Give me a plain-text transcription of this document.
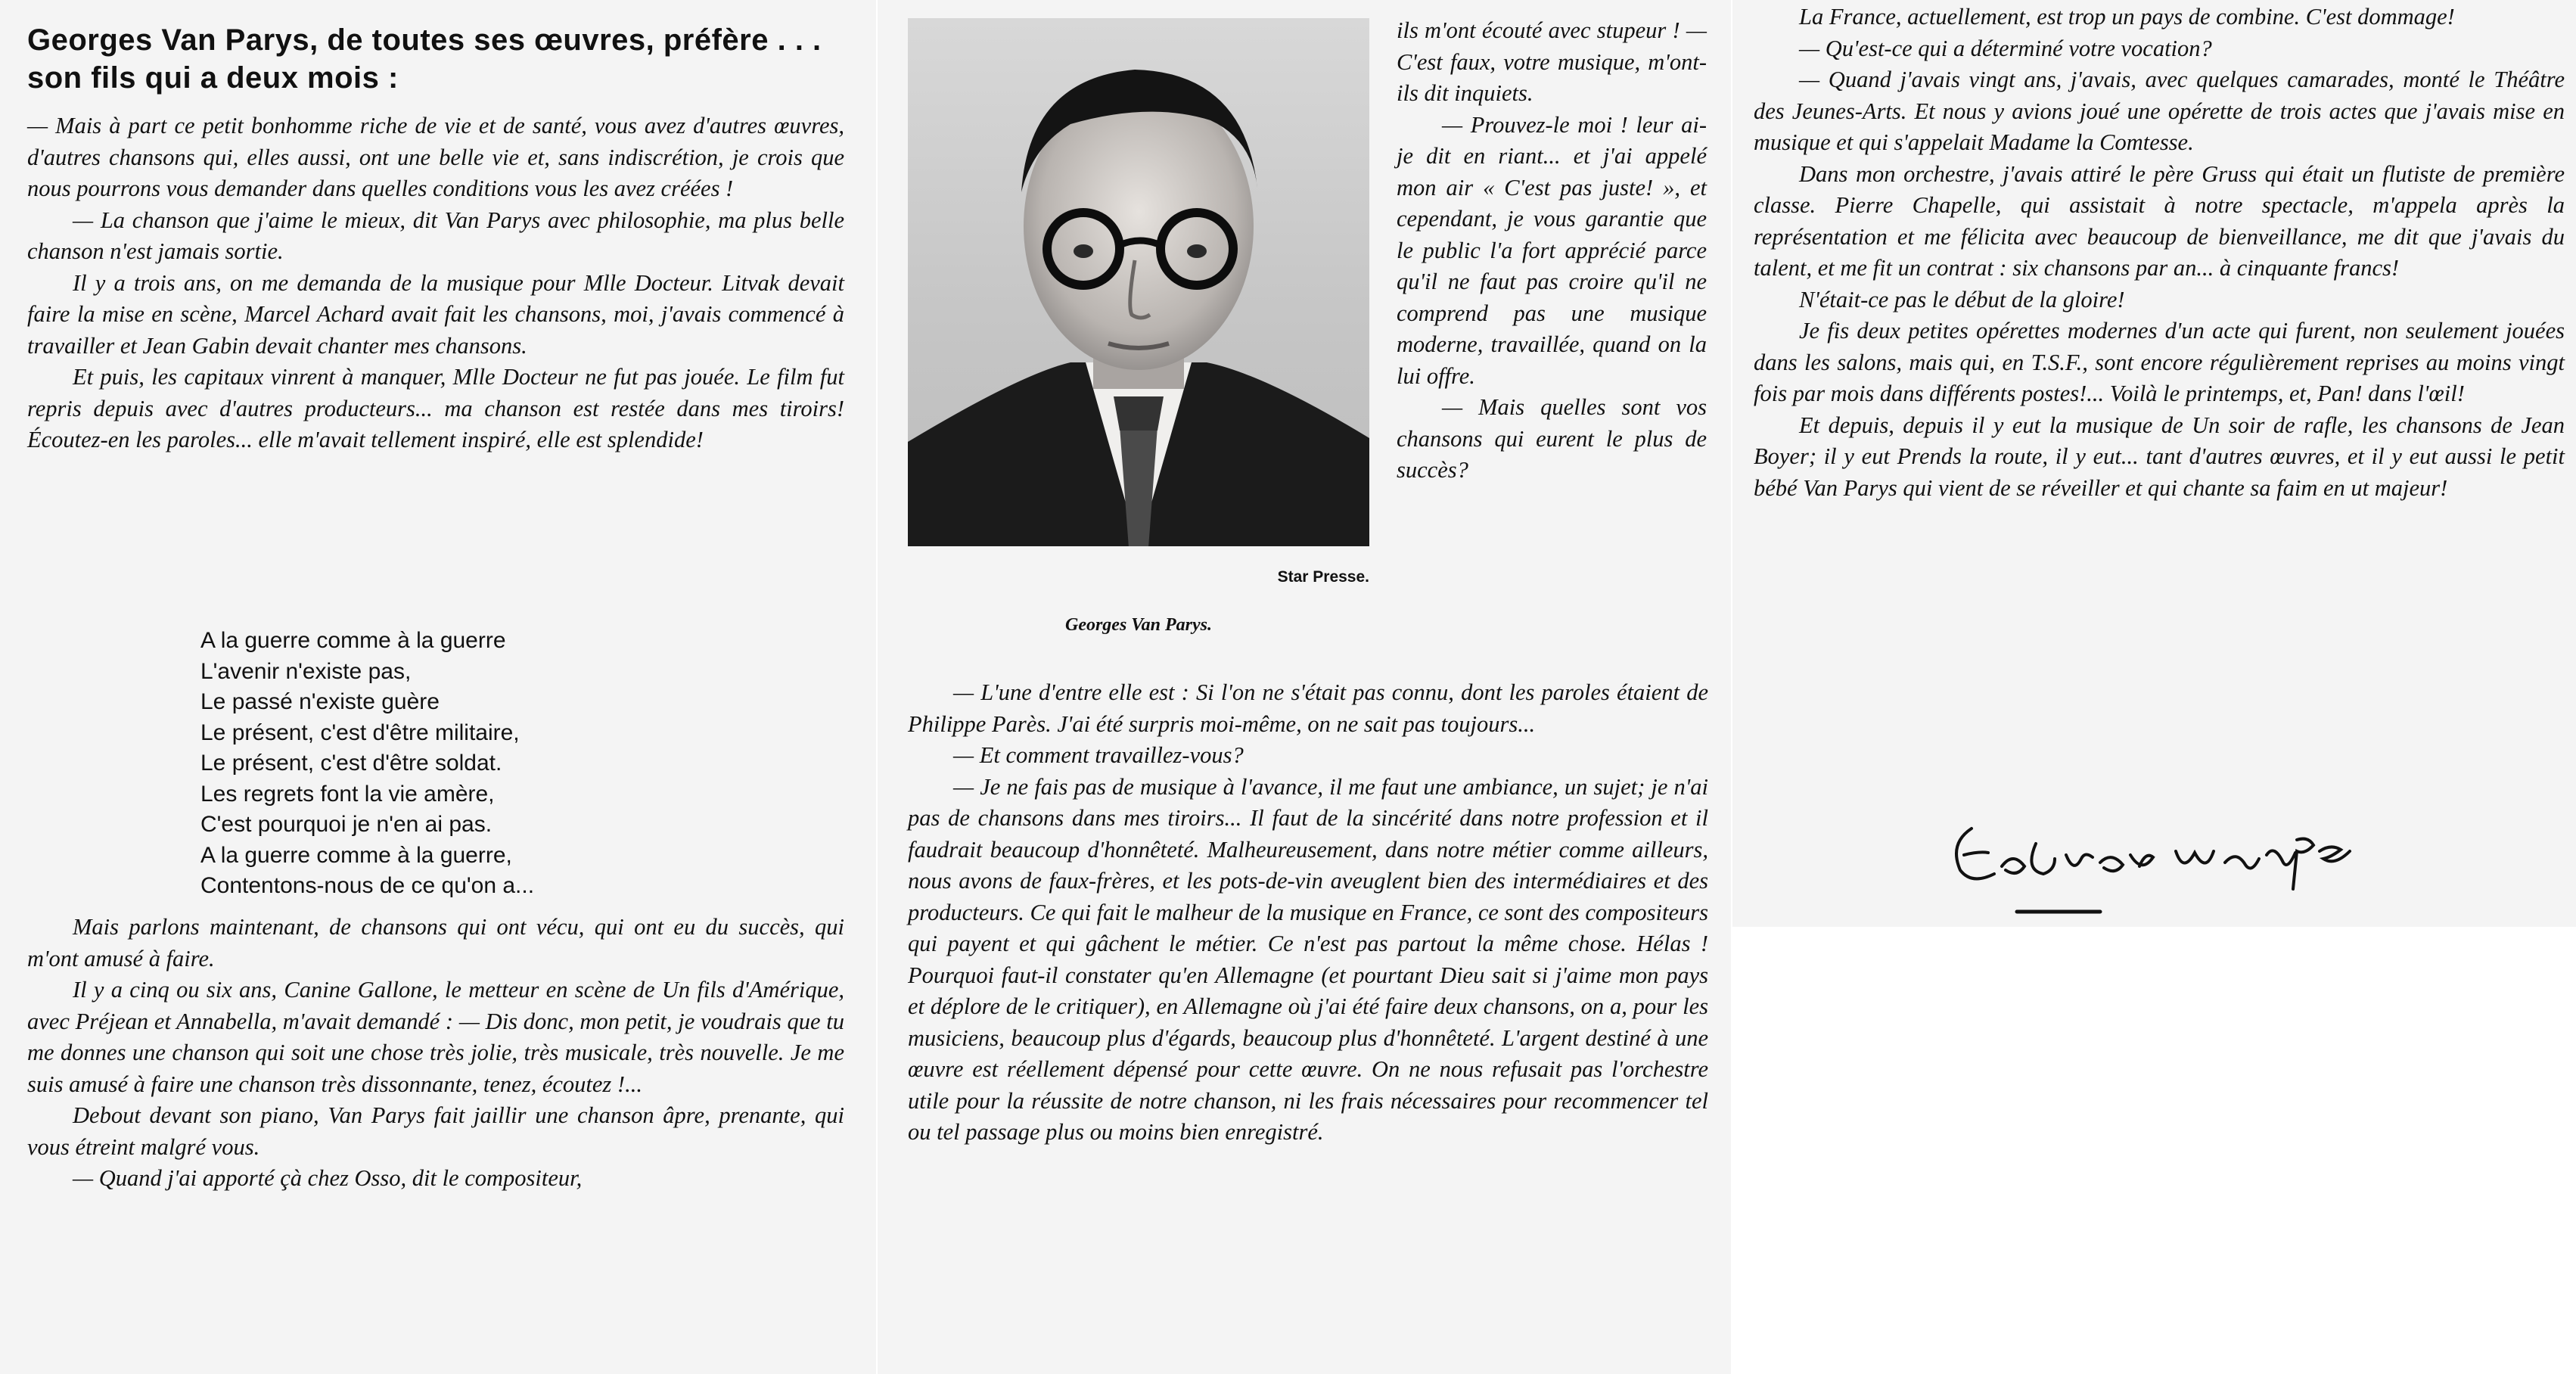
Georges Van Parys, de toutes ses œuvres, préfère . . . son fils qui a deux mois :

— Mais à part ce petit bonhomme riche de vie et de santé, vous avez d'autres œuvres, d'autres chansons qui, elles aussi, ont une belle vie et, sans indiscrétion, je crois que nous pourrons vous demander dans quelles conditions vous les avez créées !

— La chanson que j'aime le mieux, dit Van Parys avec philosophie, ma plus belle chanson n'est jamais sortie.

Il y a trois ans, on me demanda de la musique pour Mlle Docteur. Litvak devait faire la mise en scène, Marcel Achard avait fait les chansons, moi, j'avais commencé à travailler et Jean Gabin devait chanter mes chansons.

Et puis, les capitaux vinrent à manquer, Mlle Docteur ne fut pas jouée. Le film fut repris depuis avec d'autres producteurs... ma chanson est restée dans mes tiroirs! Écoutez-en les paroles... elle m'avait tellement inspiré, elle est splendide!

A la guerre comme à la guerre
L'avenir n'existe pas,
Le passé n'existe guère
Le présent, c'est d'être militaire,
Le présent, c'est d'être soldat.
Les regrets font la vie amère,
C'est pourquoi je n'en ai pas.
A la guerre comme à la guerre,
Contentons-nous de ce qu'on a...

Mais parlons maintenant, de chansons qui ont vécu, qui ont eu du succès, qui m'ont amusé à faire.

Il y a cinq ou six ans, Canine Gallone, le metteur en scène de Un fils d'Amérique, avec Préjean et Annabella, m'avait demandé : — Dis donc, mon petit, je voudrais que tu me donnes une chanson qui soit une chose très jolie, très musicale, très nouvelle. Je me suis amusé à faire une chanson très dissonnante, tenez, écoutez !...

Debout devant son piano, Van Parys fait jaillir une chanson âpre, prenante, qui vous étreint malgré vous.

— Quand j'ai apporté çà chez Osso, dit le compositeur,

Star Presse.
Georges Van Parys.

ils m'ont écouté avec stupeur ! — C'est faux, votre musique, m'ont-ils dit inquiets.

— Prouvez-le moi ! leur ai-je dit en riant... et j'ai appelé mon air « C'est pas juste! », et cependant, je vous garantie que le public l'a fort apprécié parce qu'il ne faut pas croire qu'il ne comprend pas une musique moderne, travaillée, quand on la lui offre.

— Mais quelles sont vos chansons qui eurent le plus de succès?

— L'une d'entre elle est : Si l'on ne s'était pas connu, dont les paroles étaient de Philippe Parès. J'ai été surpris moi-même, on ne sait pas toujours...

— Et comment travaillez-vous?

— Je ne fais pas de musique à l'avance, il me faut une ambiance, un sujet; je n'ai pas de chansons dans mes tiroirs... Il faut de la sincérité dans notre profession et il faudrait beaucoup d'honnêteté. Malheureusement, dans notre métier comme ailleurs, nous avons de faux-frères, et les pots-de-vin aveuglent bien des intermédiaires et des producteurs. Ce qui fait le malheur de la musique en France, ce sont des compositeurs qui payent et qui gâchent le métier. Ce n'est pas partout la même chose. Hélas ! Pourquoi faut-il constater qu'en Allemagne (et pourtant Dieu sait si j'aime mon pays et déplore de le critiquer), en Allemagne où j'ai été faire deux chansons, on a, pour les musiciens, beaucoup plus d'égards, beaucoup plus d'honnêteté. L'argent destiné à une œuvre est réellement dépensé pour cette œuvre. On ne nous refusait pas l'orchestre utile pour la réussite de notre chanson, ni les frais nécessaires pour recommencer tel ou tel passage plus ou moins bien enregistré.

La France, actuellement, est trop un pays de combine. C'est dommage!

— Qu'est-ce qui a déterminé votre vocation?

— Quand j'avais vingt ans, j'avais, avec quelques camarades, monté le Théâtre des Jeunes-Arts. Et nous y avions joué une opérette de trois actes que j'avais mise en musique et qui s'appelait Madame la Comtesse.

Dans mon orchestre, j'avais attiré le père Gruss qui était un flutiste de première classe. Pierre Chapelle, qui assistait à notre spectacle, m'appela après la représentation et me félicita avec beaucoup de bienveillance, me dit que j'avais du talent, et me fit un contrat : six chansons par an... à cinquante francs!

N'était-ce pas le début de la gloire!

Je fis deux petites opérettes modernes d'un acte qui furent, non seulement jouées dans les salons, mais qui, en T.S.F., sont encore régulièrement reprises au moins vingt fois par mois dans différents postes!... Voilà le printemps, et, Pan! dans l'œil!

Et depuis, depuis il y eut la musique de Un soir de rafle, les chansons de Jean Boyer; il y eut Prends la route, il y eut... tant d'autres œuvres, et il y eut aussi le petit bébé Van Parys qui vient de se réveiller et qui chante sa faim en ut majeur!
